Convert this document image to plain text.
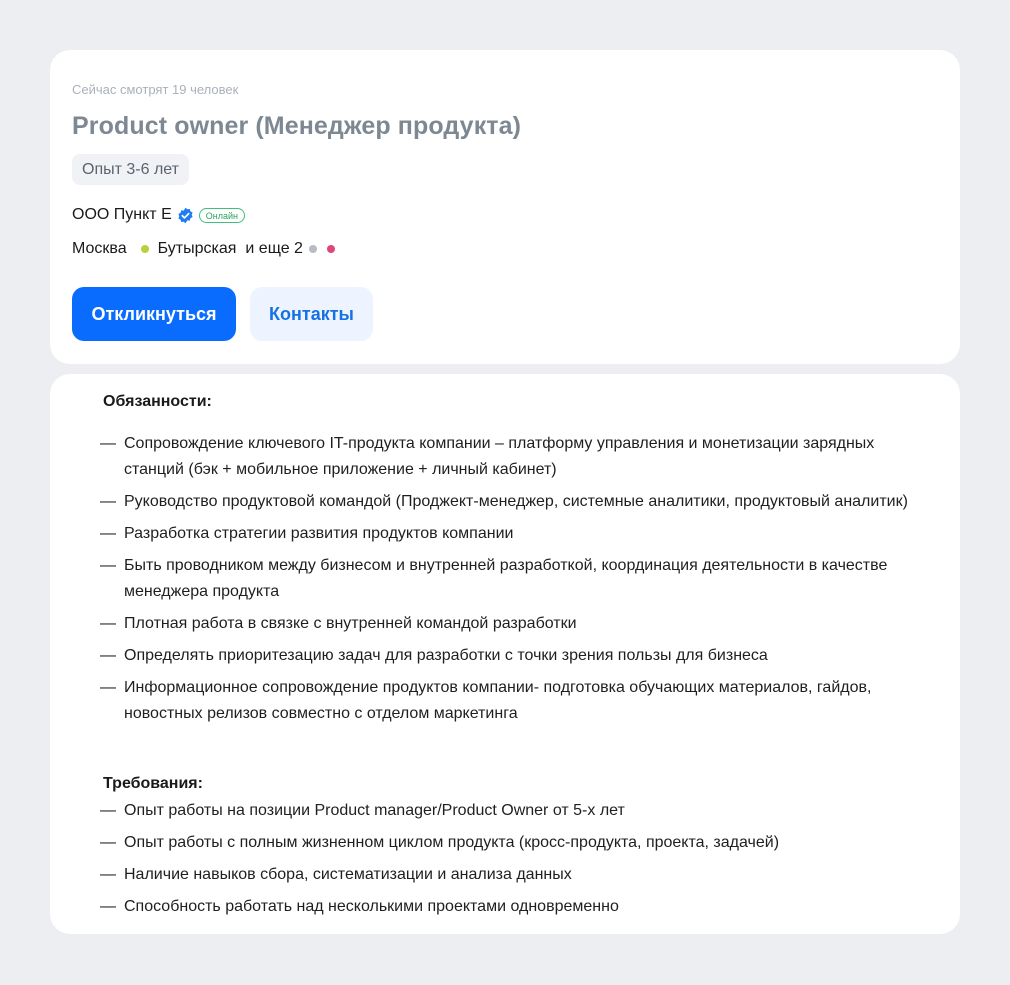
Сейчас смотрят 19 человек

Product owner (Менеджер продукта)
Опыт 3-6 лет
ООО Пункт Е	Онлайн
Москва Бутырская и еще 2
Откликнуться	Контакты
Обязанности:
— Сопровождение ключевого IT-продукта компании – платформу управления и монетизации зарядных станций (бэк + мобильное приложение + личный кабинет)
— Руководство продуктовой командой (Проджект-менеджер, системные аналитики, продуктовый аналитик)
— Разработка стратегии развития продуктов компании
— Быть проводником между бизнесом и внутренней разработкой, координация деятельности в качестве менеджера продукта
— Плотная работа в связке с внутренней командой разработки
— Определять приоритезацию задач для разработки с точки зрения пользы для бизнеса
— Информационное сопровождение продуктов компании- подготовка обучающих материалов, гайдов, новостных релизов совместно с отделом маркетинга
Требования:
— Опыт работы на позиции Product manager/Product Owner от 5-х лет
— Опыт работы с полным жизненном циклом продукта (кросс-продукта, проекта, задачей)
— Наличие навыков сбора, систематизации и анализа данных
— Способность работать над несколькими проектами одновременно
